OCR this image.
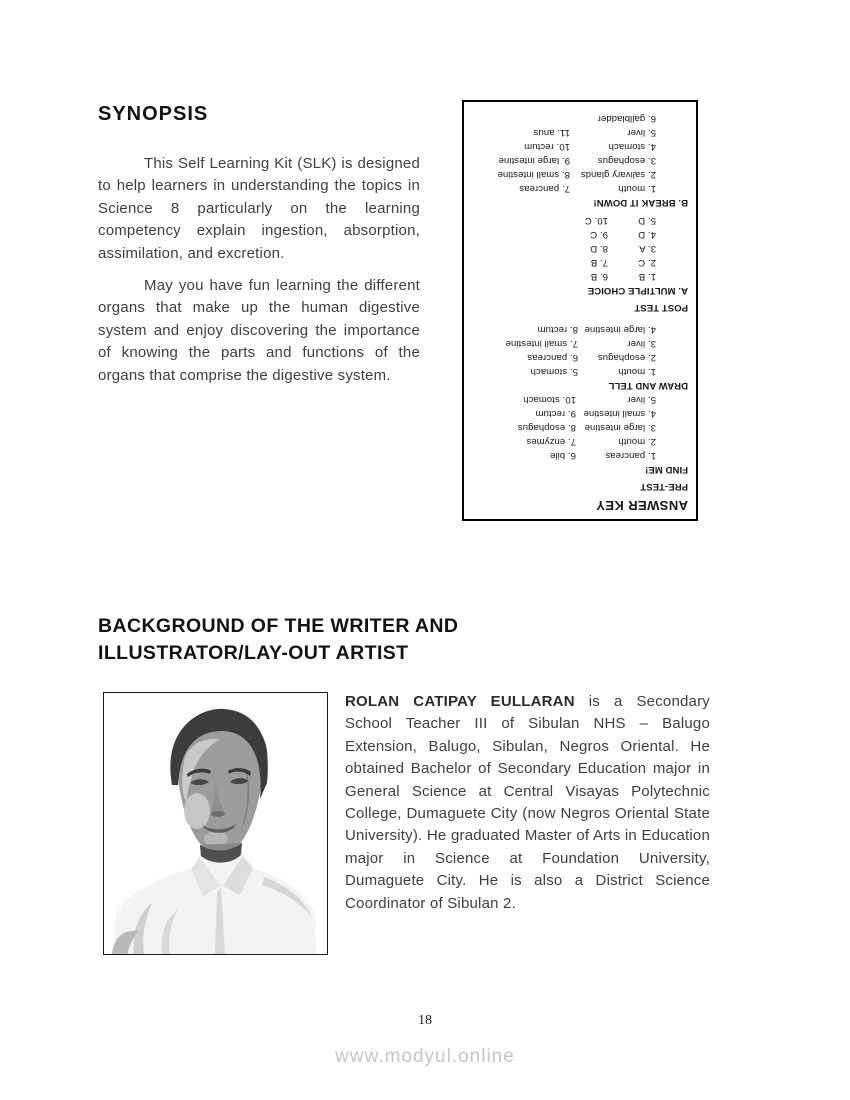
SYNOPSIS

This Self Learning Kit (SLK) is designed to help learners in understanding the topics in Science 8 particularly on the learning competency explain ingestion, absorption, assimilation, and excretion.

May you have fun learning the different organs that make up the human digestive system and enjoy discovering the importance of knowing the parts and functions of the organs that comprise the digestive system.

ANSWER KEY
PRE-TEST
FIND ME!
1. pancreas
6. bile
2. mouth
7. enzymes
3. large intestine
8. esophagus
4. small intestine
9. rectum
5. liver
10. stomach
DRAW AND TELL
1. mouth
5. stomach
2. esophagus
6. pancreas
3. liver
7. small intestine
4. large intestine
8. rectum
POST TEST
A. MULTIPLE CHOICE
1. B
6. B
2. C
7. B
3. A
8. D
4. D
9. C
5. D
10. C
B. BREAK IT DOWN!
1. mouth
7. pancreas
2. salivary glands
8. small intestine
3. esophagus
9. large intestine
4. stomach
10. rectum
5. liver
11. anus
6. gallbladder
BACKGROUND OF THE WRITER AND
ILLUSTRATOR/LAY-OUT ARTIST
ROLAN CATIPAY EULLARAN is a Secondary School Teacher III of Sibulan NHS – Balugo Extension, Balugo, Sibulan, Negros Oriental. He obtained Bachelor of Secondary Education major in General Science at Central Visayas Polytechnic College, Dumaguete City (now Negros Oriental State University). He graduated Master of Arts in Education major in Science at Foundation University, Dumaguete City. He is also a District Science Coordinator of Sibulan 2.
18
www.modyul.online
